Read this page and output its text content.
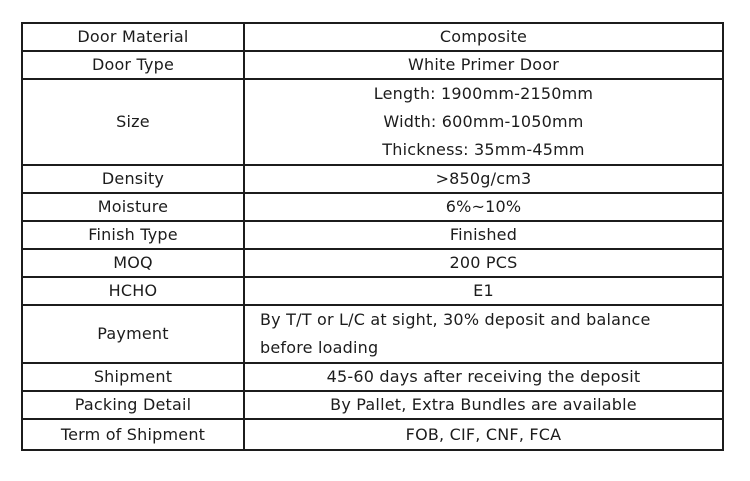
Door Material	Composite
Door Type	White Primer Door
Size	Length: 1900mm-2150mm
Width: 600mm-1050mm
Thickness: 35mm-45mm

Density	>850g/cm3
Moisture	6%~10%
Finish Type	Finished
MOQ	200 PCS
HCHO	E1
Payment	By T/T or L/C at sight, 30% deposit and balance before loading
Shipment	45-60 days after receiving the deposit
Packing Detail	By Pallet, Extra Bundles are available
Term of Shipment	FOB, CIF, CNF, FCA
